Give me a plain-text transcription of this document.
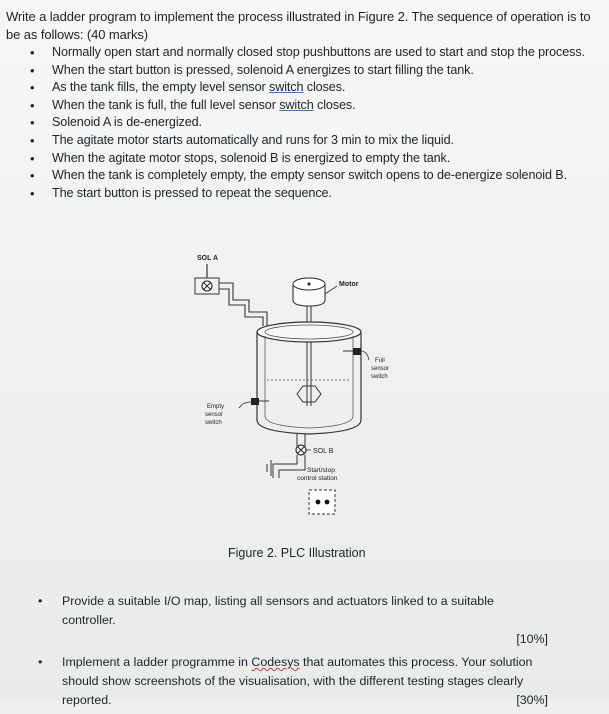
Write a ladder program to implement the process illustrated in Figure 2. The sequence of operation is to be as follows: (40 marks)
• Normally open start and normally closed stop pushbuttons are used to start and stop the process.
• When the start button is pressed, solenoid A energizes to start filling the tank.
• As the tank fills, the empty level sensor switch closes.
• When the tank is full, the full level sensor switch closes.
• Solenoid A is de-energized.
• The agitate motor starts automatically and runs for 3 min to mix the liquid.
• When the agitate motor stops, solenoid B is energized to empty the tank.
• When the tank is completely empty, the empty sensor switch opens to de-energize solenoid B.
• The start button is pressed to repeat the sequence.
SOL A
Motor
Full
sensor
switch
Empty
sensor
switch
SOL B
Start/stop
control station
Figure 2. PLC Illustration
• Provide a suitable I/O map, listing all sensors and actuators linked to a suitable controller.
[10%]
• Implement a ladder programme in Codesys that automates this process. Your solution should show screenshots of the visualisation, with the different testing stages clearly reported.	[30%]
